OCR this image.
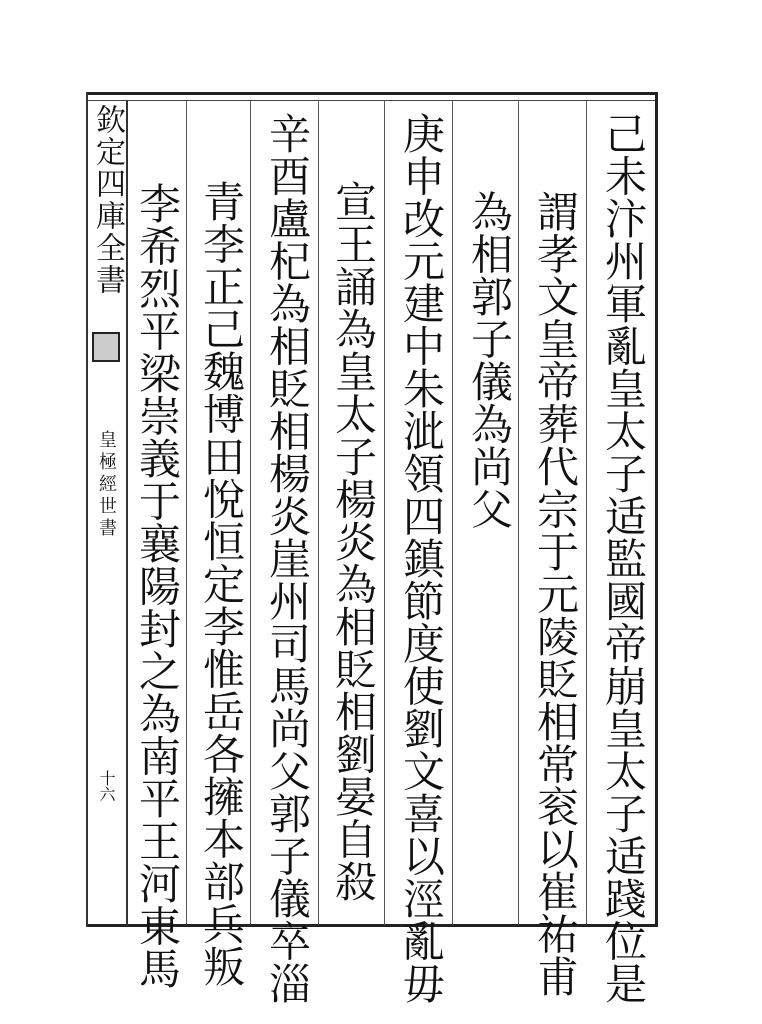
欽定四庫全書
皇極經世書
十六	己未汴州軍亂皇太子适監國帝崩皇太子适踐位是
謂孝文皇帝葬代宗于元陵貶相常衮以崔祐甫
為相郭子儀為尚父
庚申改元建中朱泚領四鎮節度使劉文喜以涇亂毋
宣王誦為皇太子楊炎為相貶相劉晏自殺
辛酉盧杞為相貶相楊炎崖州司馬尚父郭子儀卒淄
青李正己魏博田悅恒定李惟岳各擁本部兵叛
李希烈平梁崇義于襄陽封之為南平王河東馬
